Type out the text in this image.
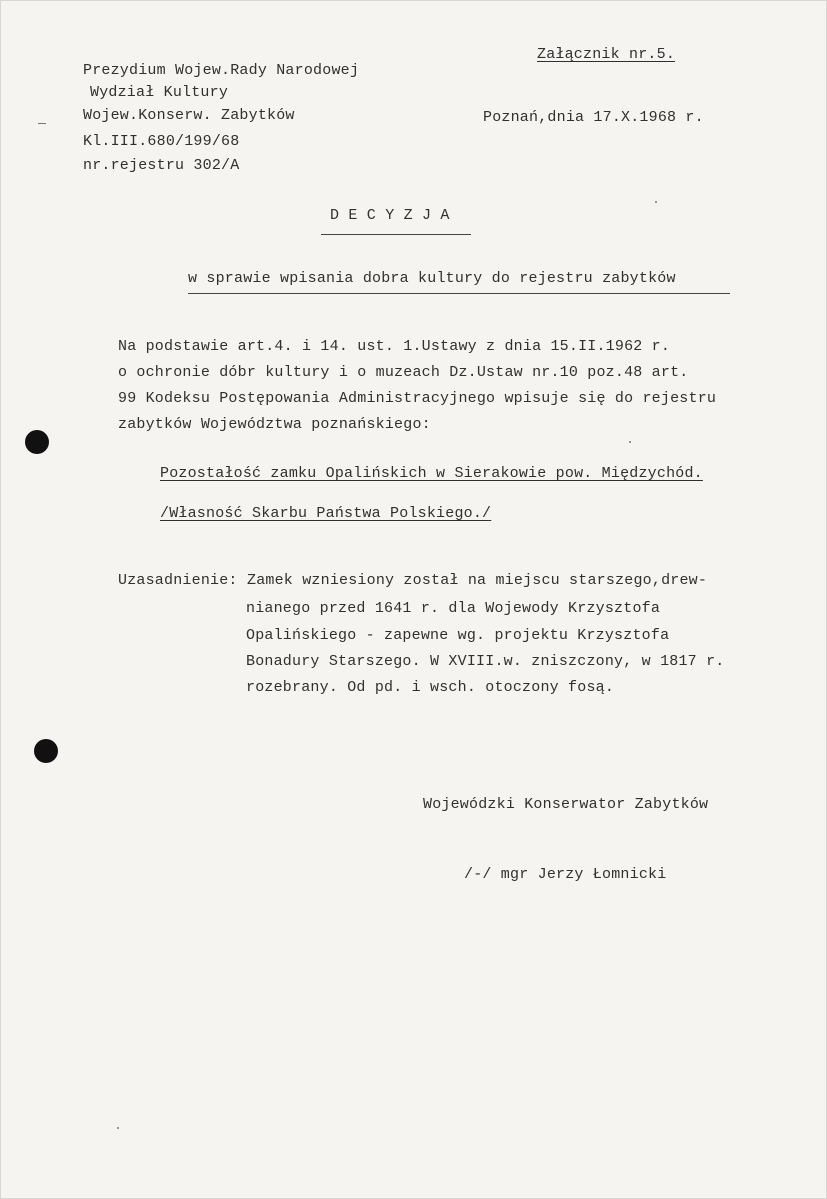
Załącznik nr.5.
Prezydium Wojew.Rady Narodowej
Wydział Kultury
Wojew.Konserw. Zabytków
Kl.III.680/199/68
nr.rejestru 302/A
Poznań,dnia 17.X.1968 r.
D E C Y Z J A
w sprawie wpisania dobra kultury do rejestru zabytków
Na podstawie art.4. i 14. ust. 1.Ustawy z dnia 15.II.1962 r.
o ochronie dóbr kultury i o muzeach Dz.Ustaw nr.10 poz.48 art.
99 Kodeksu Postępowania Administracyjnego wpisuje się do rejestru
zabytków Województwa poznańskiego:
Pozostałość zamku Opalińskich w Sierakowie pow. Międzychód.
/Własność Skarbu Państwa Polskiego./
Uzasadnienie: Zamek wzniesiony został na miejscu starszego,drew-
nianego przed 1641 r. dla Wojewody Krzysztofa
Opalińskiego - zapewne wg. projektu Krzysztofa
Bonadury Starszego. W XVIII.w. zniszczony, w 1817 r.
rozebrany. Od pd. i wsch. otoczony fosą.
Wojewódzki Konserwator Zabytków
/-/ mgr Jerzy Łomnicki
